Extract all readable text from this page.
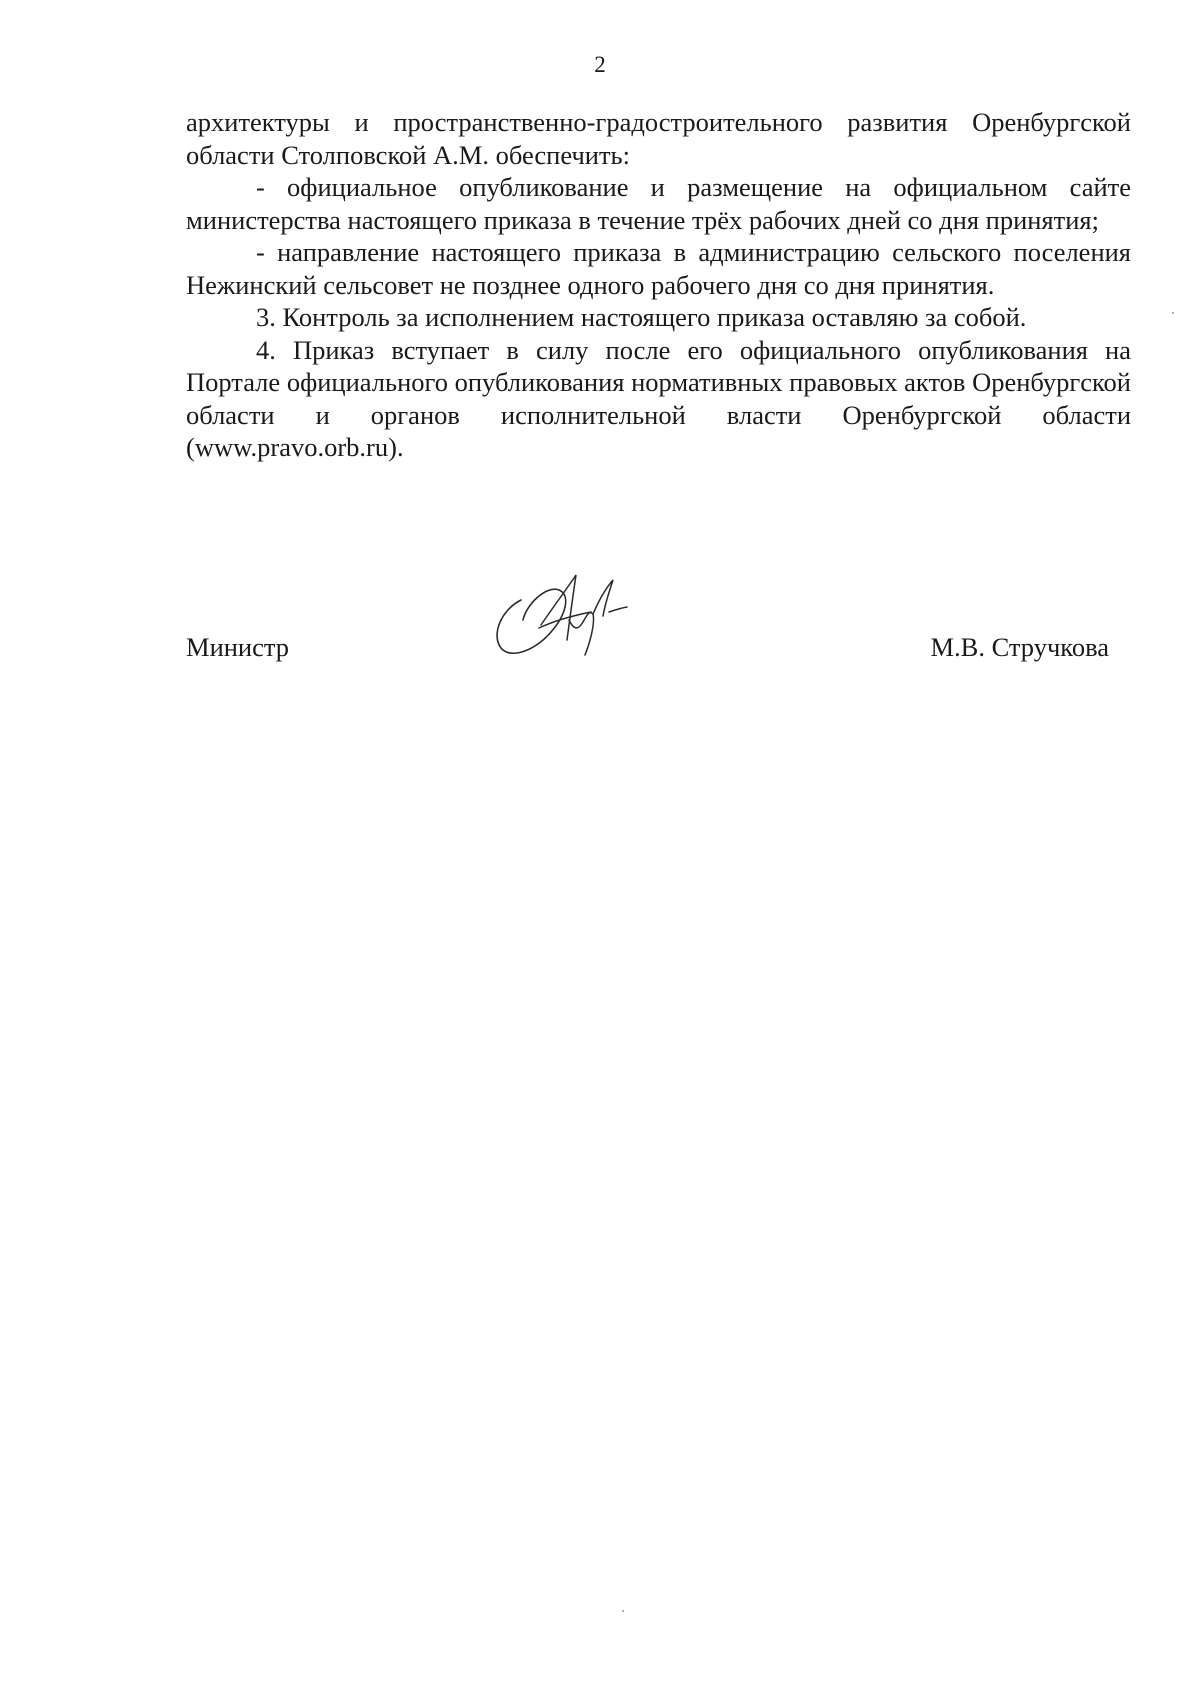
2

архитектуры и пространственно-градостроительного развития Оренбургской области Столповской А.М. обеспечить:

- официальное опубликование и размещение на официальном сайте министерства настоящего приказа в течение трёх рабочих дней со дня принятия;

- направление настоящего приказа в администрацию сельского поселения Нежинский сельсовет не позднее одного рабочего дня со дня принятия.

3. Контроль за исполнением настоящего приказа оставляю за собой.

4. Приказ вступает в силу после его официального опубликования на Портале официального опубликования нормативных правовых актов Оренбургской области и органов исполнительной власти Оренбургской области (www.pravo.orb.ru).

Министр	М.В. Стручкова
